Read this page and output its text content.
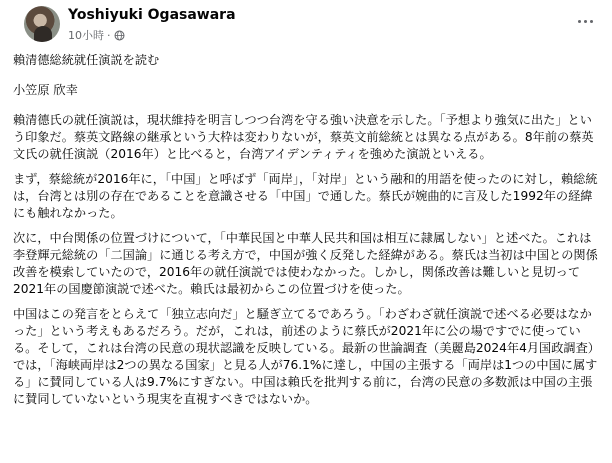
Yoshiyuki Ogasawara
10小時 ·

賴清德総統就任演説を読む

小笠原 欣幸

賴清德氏の就任演説は，現状維持を明言しつつ台湾を守る強い決意を示した。「予想より強気に出た」という印象だ。蔡英文路線の継承という大枠は変わりないが，蔡英文前総統とは異なる点がある。8年前の蔡英文氏の就任演説（2016年）と比べると，台湾アイデンティティを強めた演説といえる。

まず，蔡総統が2016年に，「中国」と呼ばず「両岸」，「対岸」という融和的用語を使ったのに対し，賴総統は，台湾とは別の存在であることを意識させる「中国」で通した。蔡氏が婉曲的に言及した1992年の経緯にも触れなかった。

次に，中台関係の位置づけについて，「中華民国と中華人民共和国は相互に隷属しない」と述べた。これは李登輝元総統の「二国論」に通じる考え方で，中国が強く反発した経緯がある。蔡氏は当初は中国との関係改善を模索していたので，2016年の就任演説では使わなかった。しかし，関係改善は難しいと見切って2021年の国慶節演説で述べた。賴氏は最初からこの位置づけを使った。

中国はこの発言をとらえて「独立志向だ」と騒ぎ立てるであろう。「わざわざ就任演説で述べる必要はなかった」という考えもあるだろう。だが，これは，前述のように蔡氏が2021年に公の場ですでに使っている。そして，これは台湾の民意の現状認識を反映している。最新の世論調査（美麗島2024年4月国政調査）では，「海峡両岸は2つの異なる国家」と見る人が76.1%に達し，中国の主張する「両岸は1つの中国に属する」に賛同している人は9.7%にすぎない。中国は賴氏を批判する前に，台湾の民意の多数派は中国の主張に賛同していないという現実を直視すべきではないか。
